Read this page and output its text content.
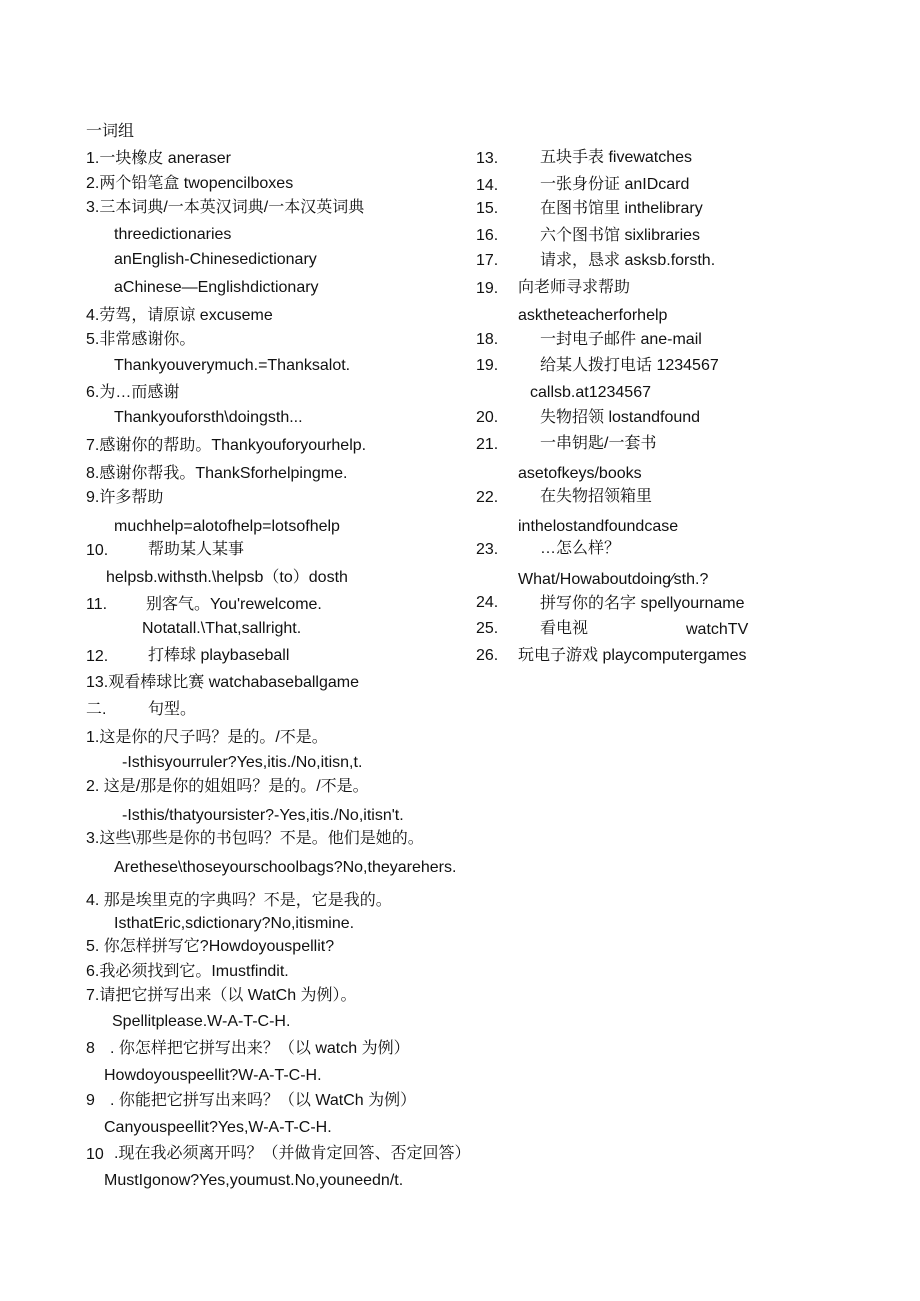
一词组
1.一块橡皮 aneraser
2.两个铅笔盒 twopencilboxes
3.三本词典/一本英汉词典/一本汉英词典
threedictionaries
anEnglish-Chinesedictionary
aChinese—Englishdictionary
4.劳驾，请原谅 excuseme
5.非常感谢你。
Thankyouverymuch.=Thanksalot.
6.为…而感谢
Thankyouforsth\doingsth...
7.感谢你的帮助。Thankyouforyourhelp.
8.感谢你帮我。ThankSforhelpingme.
9.许多帮助
muchhelp=alotofhelp=lotsofhelp
10. 帮助某人某事
helpsb.withsth.\helpsb（to）dosth
11. 别客气。You'rewelcome.
Notatall.\That,sallright.
12. 打棒球 playbaseball
13.观看棒球比赛 watchabaseballgame
二.	句型。
1.这是你的尺子吗？是的。/不是。
-Isthisyourruler?Yes,itis./No,itisn,t.
2. 这是/那是你的姐姐吗？是的。/不是。
-Isthis/thatyoursister?-Yes,itis./No,itisn't.
3.这些\那些是你的书包吗？不是。他们是她的。
Arethese\thoseyourschoolbags?No,theyarehers.
4. 那是埃里克的字典吗？不是，它是我的。
IsthatEric,sdictionary?No,itismine.
5. 你怎样拼写它?Howdoyouspellit?
6.我必须找到它。Imustfindit.
7.请把它拼写出来（以 WatCh 为例）。
Spellitplease.W-A-T-C-H.
8 . 你怎样把它拼写出来？（以 watch 为例）
Howdoyouspeellit?W-A-T-C-H.
9 . 你能把它拼写出来吗？（以 WatCh 为例）
Canyouspeellit?Yes,W-A-T-C-H.
10 .现在我必须离开吗？（并做肯定回答、否定回答）
MustIgonow?Yes,youmust.No,youneedn/t.
13.	五块手表 fivewatches
14.	一张身份证 anIDcard
15.	在图书馆里 inthelibrary
16.	六个图书馆 sixlibraries
17.	请求，恳求 asksb.forsth.
19. 向老师寻求帮助
asktheteacherforhelp
18.	一封电子邮件 ane-mail
19.	给某人拨打电话 1234567
callsb.at1234567
20.	失物招领 lostandfound
21.	一串钥匙/一套书
asetofkeys/books
22.	在失物招领箱里
inthelostandfoundcase
23.	…怎么样？
What/Howaboutdoing∕sth.?
24.	拼写你的名字 spellyourname
25.	看电视	watchTV
26. 玩电子游戏 playcomputergames
